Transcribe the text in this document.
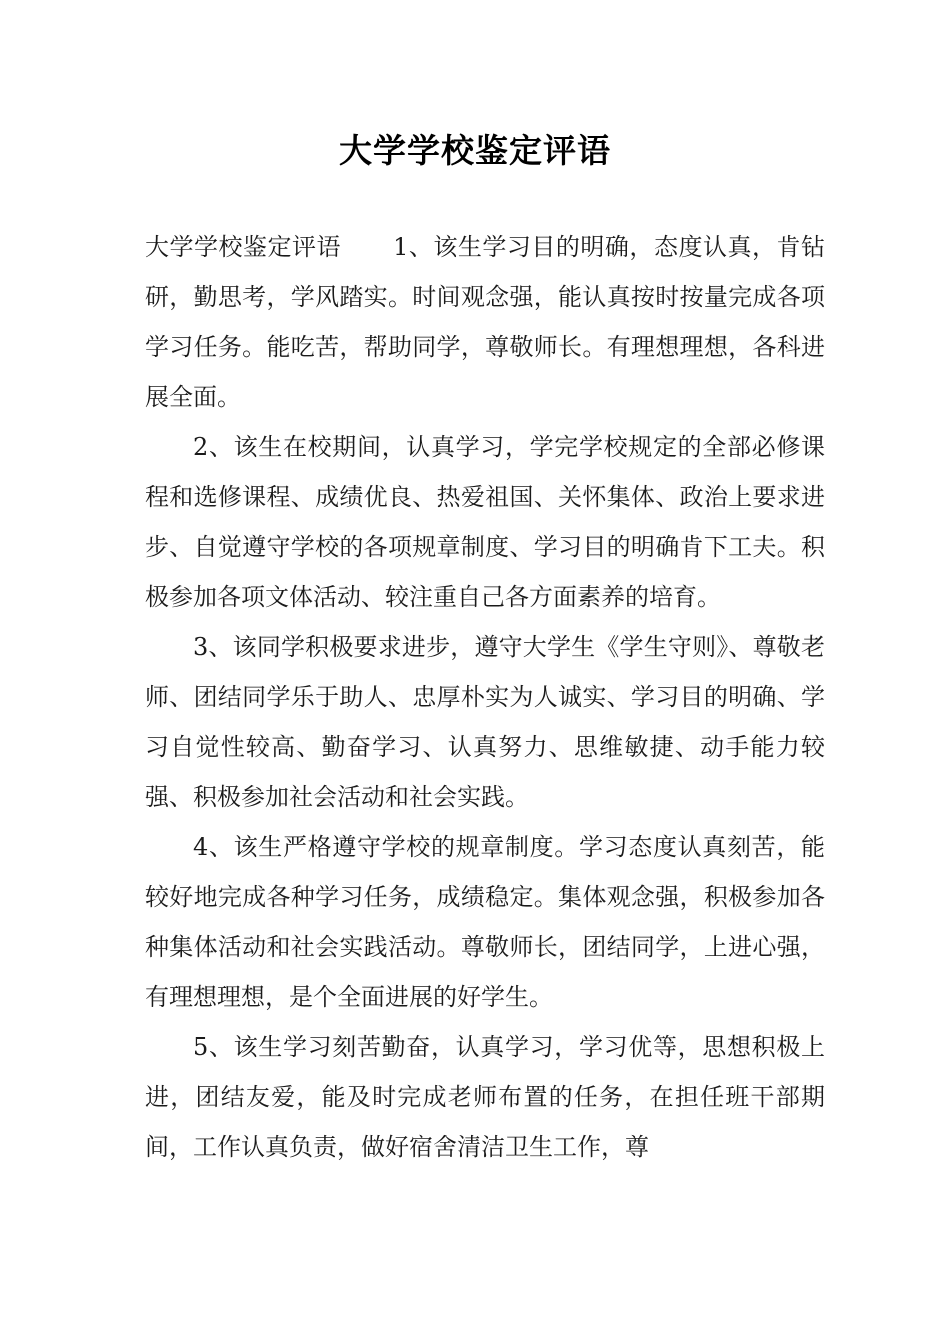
大学学校鉴定评语

大学学校鉴定评语 1、该生学习目的明确，态度认真，肯钻研，勤思考，学风踏实。时间观念强，能认真按时按量完成各项学习任务。能吃苦，帮助同学，尊敬师长。有理想理想，各科进展全面。

2、该生在校期间，认真学习，学完学校规定的全部必修课程和选修课程、成绩优良、热爱祖国、关怀集体、政治上要求进步、自觉遵守学校的各项规章制度、学习目的明确肯下工夫。积极参加各项文体活动、较注重自己各方面素养的培育。

3、该同学积极要求进步，遵守大学生《学生守则》、尊敬老师、团结同学乐于助人、忠厚朴实为人诚实、学习目的明确、学习自觉性较高、勤奋学习、认真努力、思维敏捷、动手能力较强、积极参加社会活动和社会实践。

4、该生严格遵守学校的规章制度。学习态度认真刻苦，能较好地完成各种学习任务，成绩稳定。集体观念强，积极参加各种集体活动和社会实践活动。尊敬师长，团结同学，上进心强，有理想理想，是个全面进展的好学生。

5、该生学习刻苦勤奋，认真学习，学习优等，思想积极上进，团结友爱，能及时完成老师布置的任务，在担任班干部期间，工作认真负责，做好宿舍清洁卫生工作，尊
